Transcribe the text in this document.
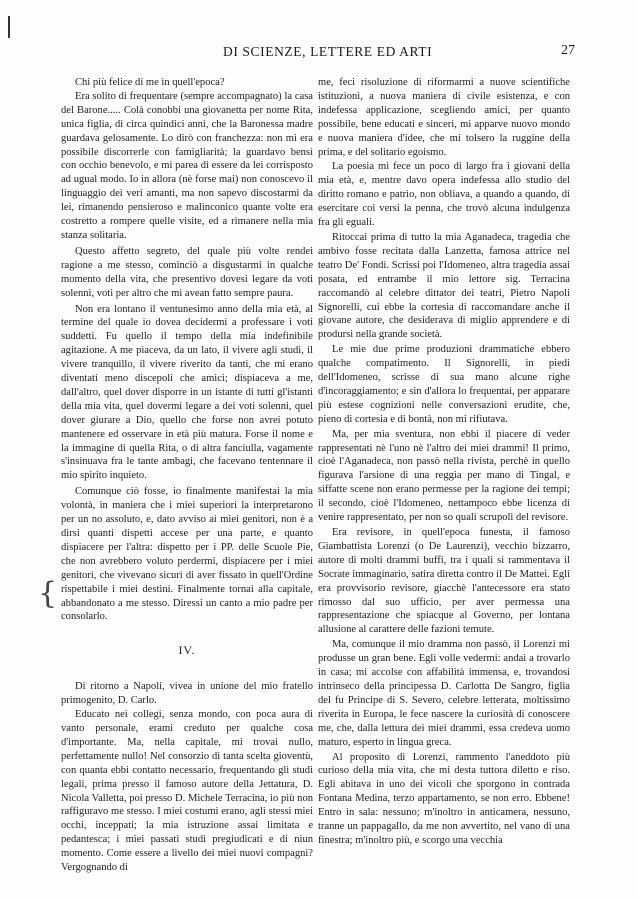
{
DI SCIENZE, LETTERE ED ARTI	27

Chi più felice di me in quell'epoca?

Era solito di frequentare (sempre accompagnato) la casa del Barone..... Colà conobbi una giovanetta per nome Rita, unica figlia, di circa quindici anni, che la Baronessa madre guardava gelosamente. Lo dirò con franchezza: non mi era possibile discorrerle con famigliarità; la guardavo bensì con occhio benevolo, e mi parea di essere da lei corrisposto ad ugual modo. Io in allora (nè forse mai) non conoscevo il linguaggio dei veri amanti, ma non sapevo discostarmi da lei, rimanendo pensieroso e malinconico quante volte era costretto a rompere quelle visite, ed a rimanere nella mia stanza solitaria.

Questo affetto segreto, del quale più volte rendei ragione a me stesso, cominciò a disgustarmi in qualche momento della vita, che presentivo dovesi legare da voti solenni, voti per altro che mi avean fatto sempre paura.

Non era lontano il ventunesimo anno della mia età, al termine del quale io dovea decidermi a professare i voti suddetti. Fu quello il tempo della mia indefinibile agitazione. A me piaceva, da un lato, il vivere agli studi, il vivere tranquillo, il vivere riverito da tanti, che mi erano diventati meno discepoli che amici; dispiaceva a me, dall'altro, quel dover disporre in un istante di tutti gl'istanti della mia vita, quel dovermi legare a dei voti solenni, quel dover giurare a Dio, quello che forse non avrei potuto mantenere ed osservare in età più matura. Forse il nome e la immagine di quella Rita, o di altra fanciulla, vagamente s'insinuava fra le tante ambagi, che facevano tentennare il mio spirito inquieto.

Comunque ciò fosse, io finalmente manifestai la mia volontà, in maniera che i miei superiori la interpretarono per un no assoluto, e, dato avviso ai miei genitori, non è a dirsi quanti dispetti accese per una parte, e quanto dispiacere per l'altra: dispetto per i PP. delle Scuole Pie, che non avrebbero voluto perdermi, dispiacere per i miei genitori, che vivevano sicuri di aver fissato in quell'Ordine rispettabile i miei destini. Finalmente tornai alla capitale, abbandonato a me stesso. Diressi un canto a mio padre per consolarlo.

IV.

Di ritorno a Napoli, vivea in unione del mio fratello primogenito, D. Carlo.

Educato nei collegi, senza mondo, con poca aura di vanto personale, erami creduto per qualche cosa d'importante. Ma, nella capitale, mi trovai nullo, perfettamente nullo! Nel consorzio di tanta scelta gioventù, con quanta ebbi contatto necessario, frequentando gli studi legali, prima presso il famoso autore della Jettatura, D. Nicola Valletta, poi presso D. Michele Terracina, io più non raffiguravo me stesso. I miei costumi erano, agli stessi miei occhi, inceppati; la mia istruzione assai limitata e pedantesca; i miei passati studi pregiudicati e di niun momento. Come essere a livello dei miei nuovi compagni? Vergognando di

me, feci risoluzione di riformarmi a nuove scientifiche istituzioni, a nuova maniera di civile esistenza, e con indefessa applicazione, scegliendo amici, per quanto possibile, bene educati e sinceri, mi apparve nuovo mondo e nuova maniera d'idee, che mi tolsero la ruggine della prima, e del solitario egoismo.

La poesia mi fece un poco di largo fra i giovani della mia età, e, mentre davo opera indefessa allo studio del diritto romano e patrio, non obliava, a quando a quando, di esercitare coi versi la penna, che trovò alcuna indulgenza fra gli eguali.

Ritoccai prima di tutto la mia Aganadeca, tragedia che ambivo fosse recitata dalla Lanzetta, famosa attrice nel teatro De' Fondi. Scrissi poi l'Idomeneo, altra tragedia assai posata, ed entrambe il mio lettore sig. Terracina raccomandò al celebre dittator dei teatri, Pietro Napoli Signorelli, cui ebbe la cortesia di raccomandare anche il giovane autore, che desiderava di miglio apprendere e di prodursi nella grande società.

Le mie due prime produzioni drammatiche ebbero qualche compatimento. Il Signorelli, in piedi dell'Idomeneo, scrisse di sua mano alcune righe d'incoraggiamento; e sin d'allora lo frequentai, per apparare più estese cognizioni nelle conversazioni erudite, che, pieno di cortesia e di bontà, non mi rifiutava.

Ma, per mia sventura, non ebbi il piacere di veder rappresentati nè l'uno nè l'altro dei miei drammi! Il primo, cioè l'Aganadeca, non passò nella rivista, perchè in quello figurava l'arsione di una reggia per mano di Tingal, e siffatte scene non erano permesse per la ragione dei tempi; il secondo, cioè l'Idomeneo, nettampoco ebbe licenza di venire rappresentato, per non so quali scrupoli del revisore.

Era revisore, in quell'epoca funesta, il famoso Giambattista Lorenzi (o De Laurenzi), vecchio bizzarro, autore di molti drammi buffi, tra i quali si rammentava il Socrate immaginario, satira diretta contro il De Mattei. Egli era provvisorio revisore, giacchè l'antecessore era stato rimosso dal suo ufficio, per aver permessa una rappresentazione che spiacque al Governo, per lontana allusione al carattere delle fazioni temute.

Ma, comunque il mio dramma non passò, il Lorenzi mi produsse un gran bene. Egli volle vedermi: andai a trovarlo in casa; mi accolse con affabilità immensa, e, trovandosi intrinseco della principessa D. Carlotta De Sangro, figlia del fu Principe di S. Severo, celebre letterata, moltissimo riverita in Europa, le fece nascere la curiosità di conoscere me, che, dalla lettura dei miei drammi, essa credeva uomo maturo, esperto in lingua greca.

Al proposito di Lorenzi, rammento l'aneddoto più curioso della mia vita, che mi desta tuttora diletto e riso. Egli abitava in uno dei vicoli che sporgono in contrada Fontana Medina, terzo appartamento, se non erro. Ebbene! Entro in sala: nessuno; m'inoltro in anticamera, nessuno, tranne un pappagallo, da me non avvertito, nel vano di una finestra; m'inoltro più, e scorgo una vecchia
